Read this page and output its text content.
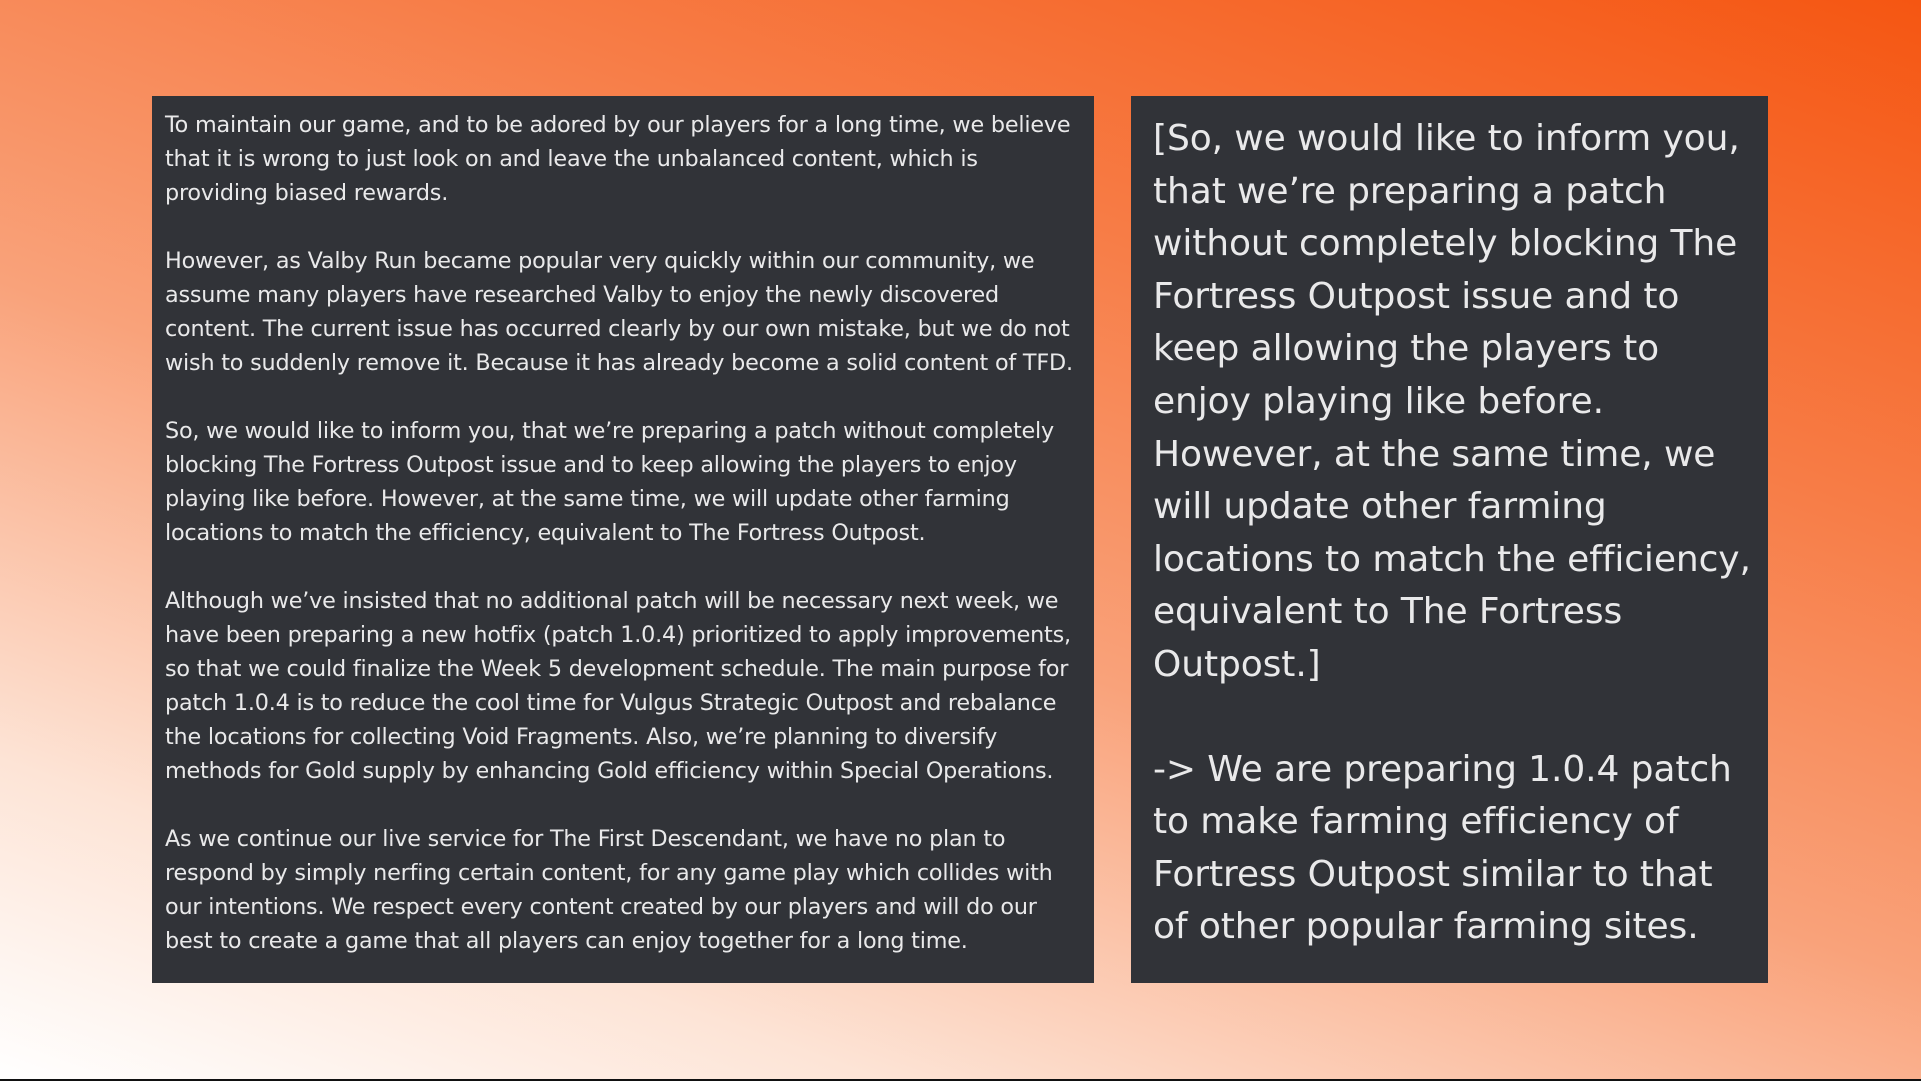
To maintain our game, and to be adored by our players for a long time, we believe that it is wrong to just look on and leave the unbalanced content, which is providing biased rewards.

However, as Valby Run became popular very quickly within our community, we assume many players have researched Valby to enjoy the newly discovered content. The current issue has occurred clearly by our own mistake, but we do not wish to suddenly remove it. Because it has already become a solid content of TFD.

So, we would like to inform you, that we’re preparing a patch without completely blocking The Fortress Outpost issue and to keep allowing the players to enjoy playing like before. However, at the same time, we will update other farming locations to match the efficiency, equivalent to The Fortress Outpost.

Although we’ve insisted that no additional patch will be necessary next week, we have been preparing a new hotfix (patch 1.0.4) prioritized to apply improvements, so that we could finalize the Week 5 development schedule. The main purpose for patch 1.0.4 is to reduce the cool time for Vulgus Strategic Outpost and rebalance the locations for collecting Void Fragments. Also, we’re planning to diversify methods for Gold supply by enhancing Gold efficiency within Special Operations.

As we continue our live service for The First Descendant, we have no plan to respond by simply nerfing certain content, for any game play which collides with our intentions. We respect every content created by our players and will do our best to create a game that all players can enjoy together for a long time.

[So, we would like to inform you, that we’re preparing a patch without completely blocking The Fortress Outpost issue and to keep allowing the players to enjoy playing like before. However, at the same time, we will update other farming locations to match the efficiency, equivalent to The Fortress Outpost.]

-> We are preparing 1.0.4 patch to make farming efficiency of Fortress Outpost similar to that of other popular farming sites.
